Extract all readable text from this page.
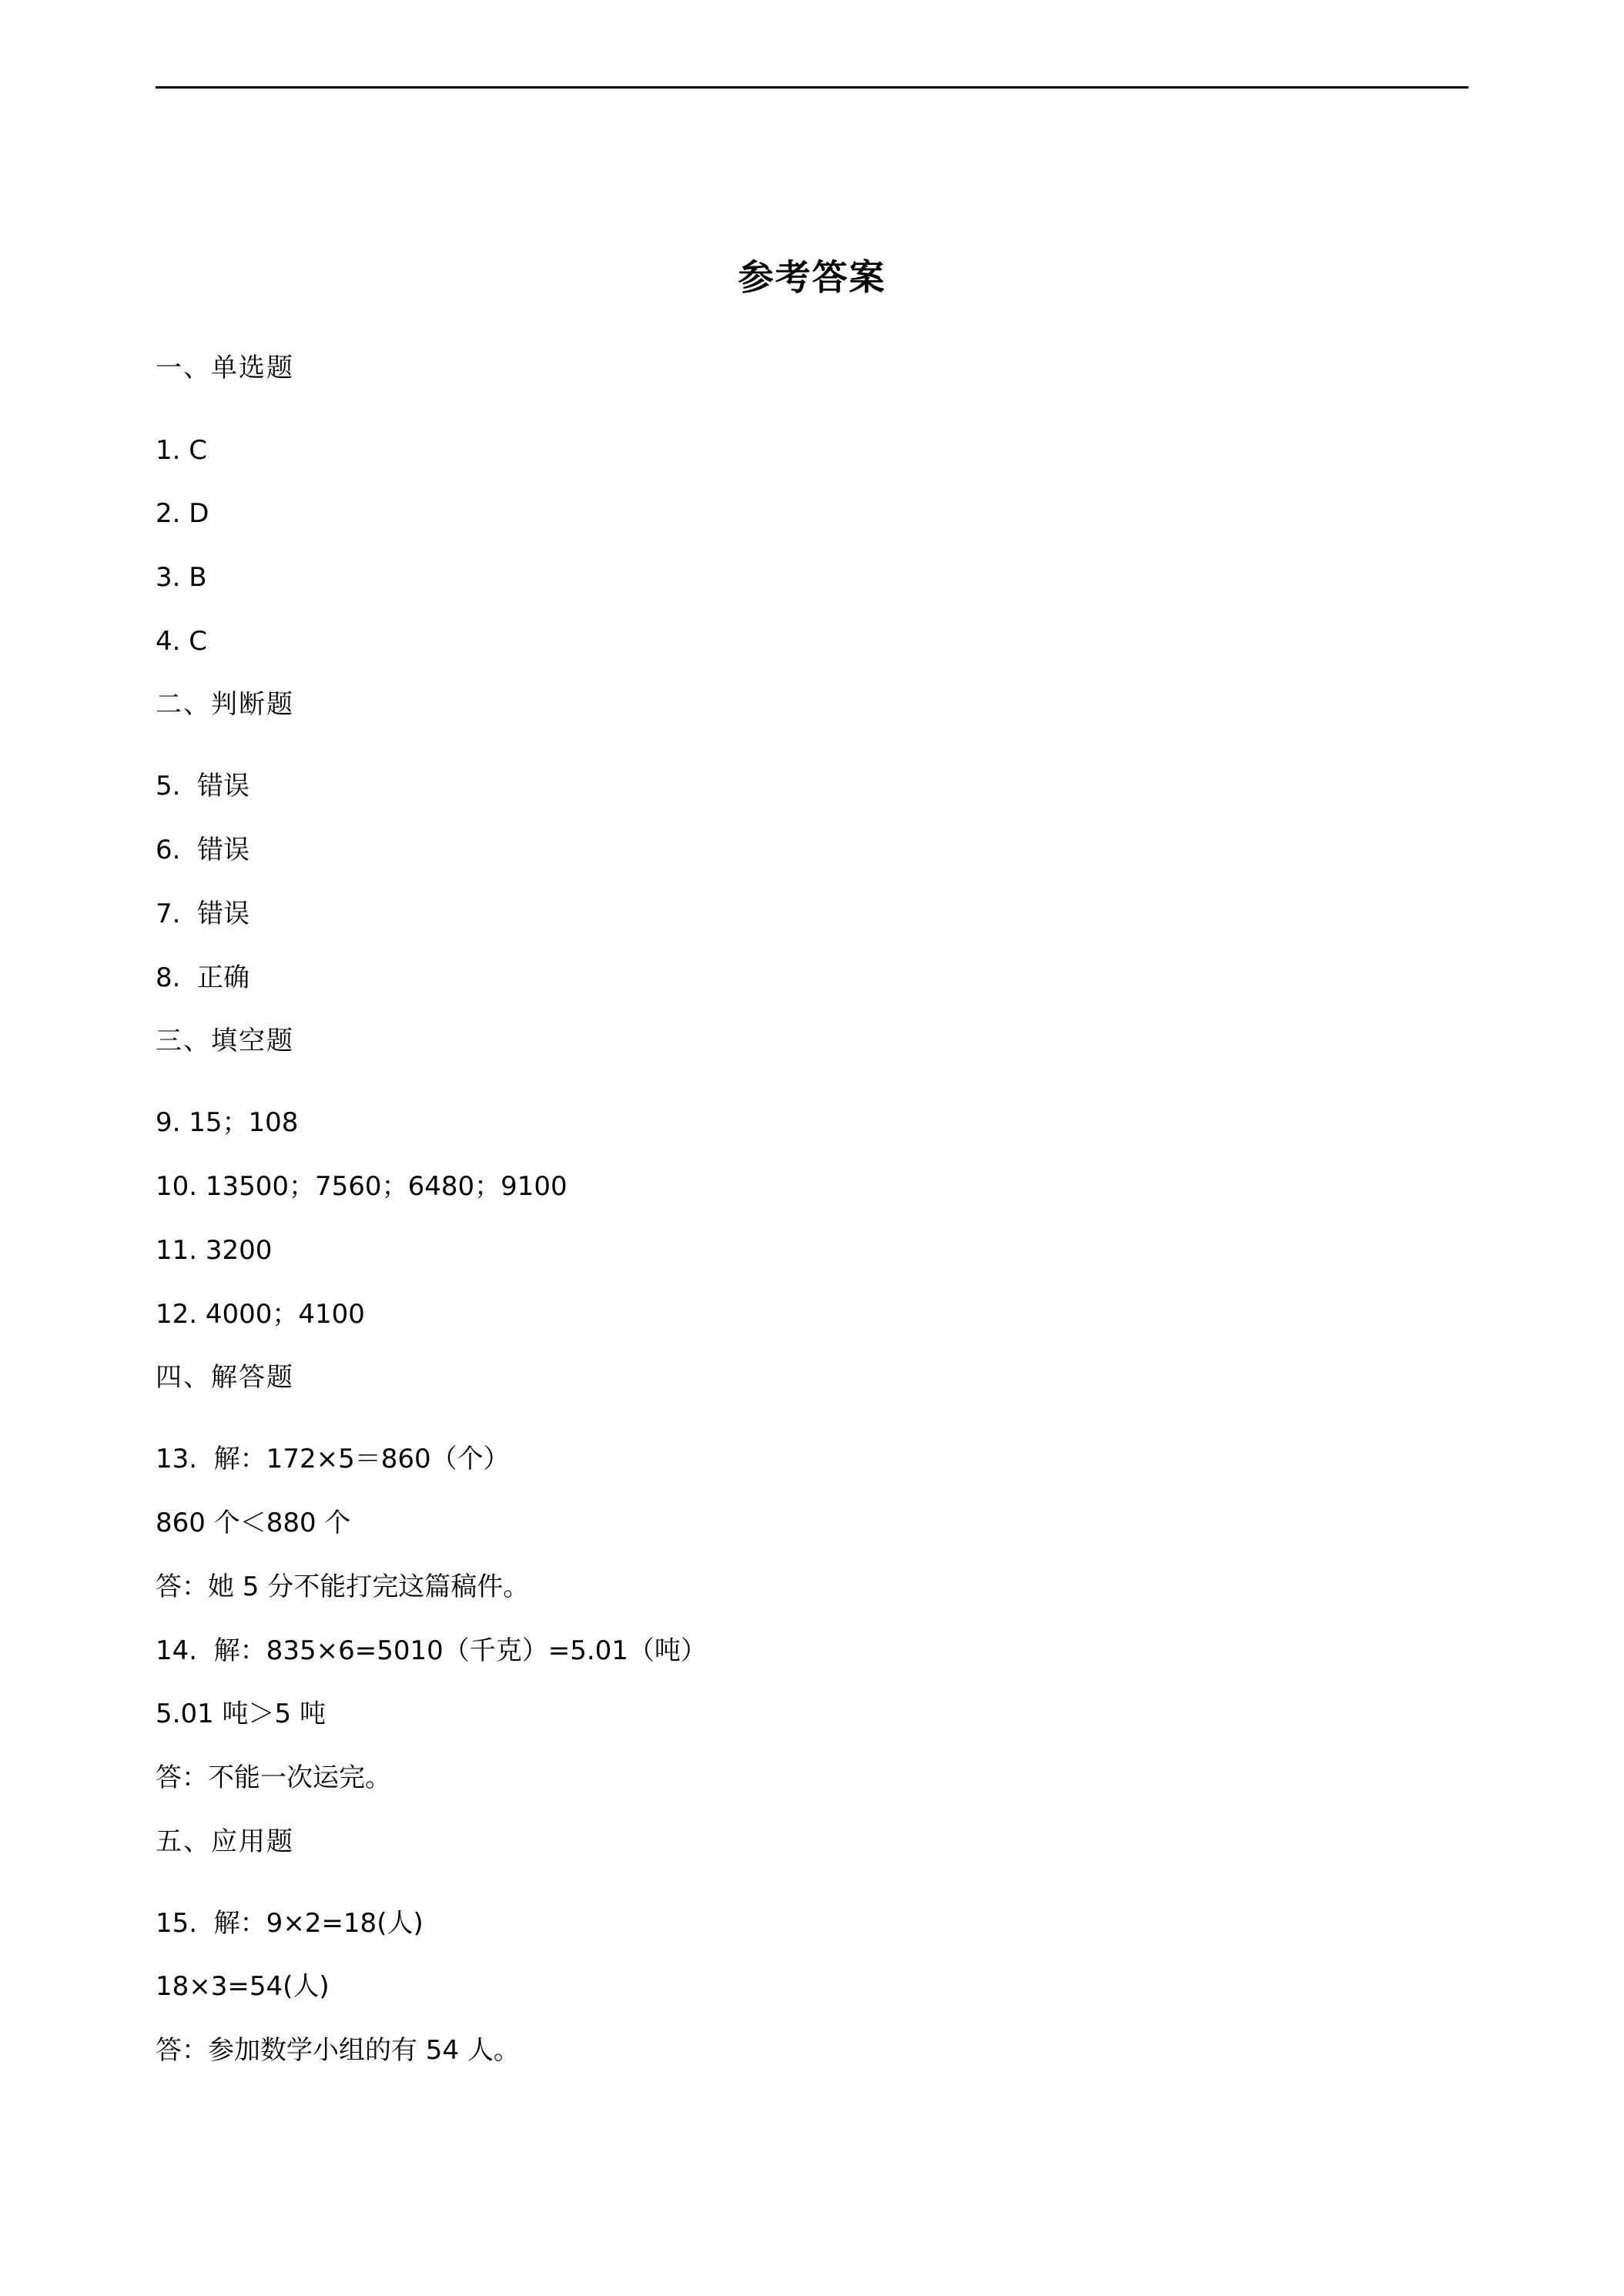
参考答案
一、单选题
1. C
2. D
3. B
4. C
二、判断题
5.  错误
6.  错误
7.  错误
8.  正确
三、填空题
9. 15；108
10. 13500；7560；6480；9100
11. 3200
12. 4000；4100
四、解答题
13.  解：172×5＝860（个）
860 个＜880 个
答：她 5 分不能打完这篇稿件。
14.  解：835×6=5010（千克）=5.01（吨）
5.01 吨＞5 吨
答：不能一次运完。
五、应用题
15.  解：9×2=18(人)
18×3=54(人)
答：参加数学小组的有 54 人。
